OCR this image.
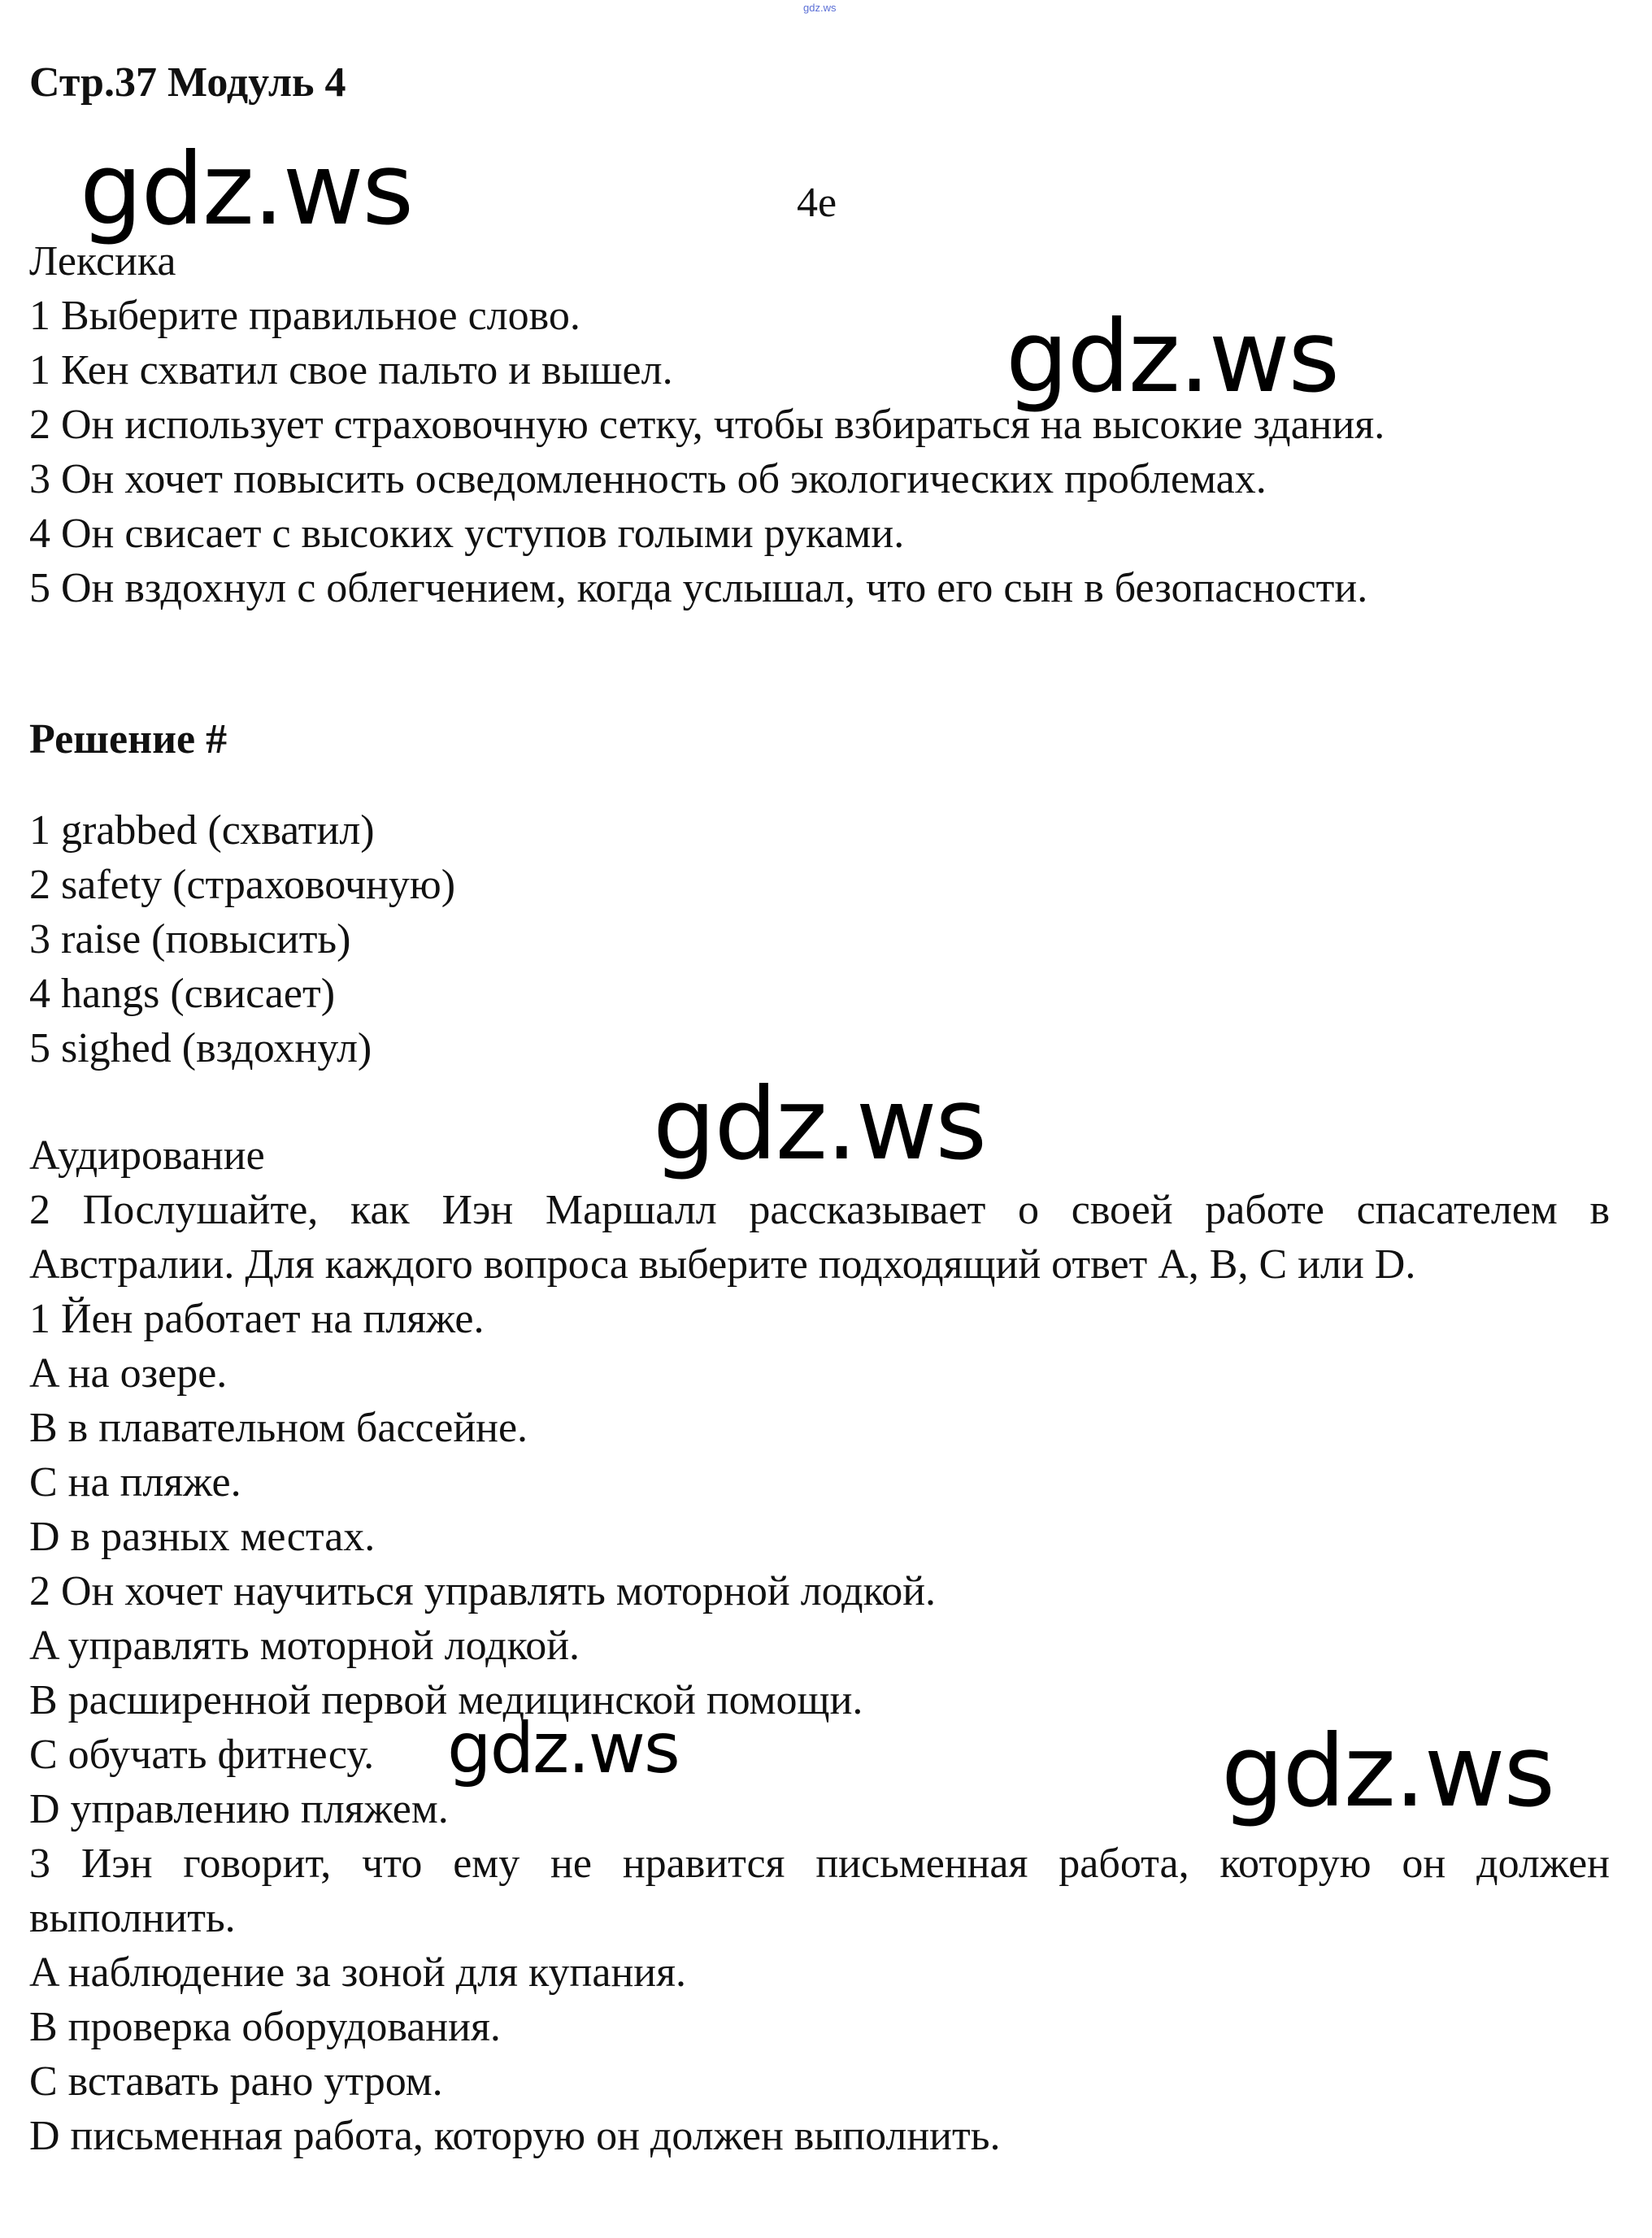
gdz.ws
Стр.37 Модуль 4
4e
gdz.ws
gdz.ws
gdz.ws
gdz.ws	gdz.ws
Лексика
1 Выберите правильное слово.
1 Кен схватил свое пальто и вышел.
2 Он использует страховочную сетку, чтобы взбираться на высокие здания.
3 Он хочет повысить осведомленность об экологических проблемах.
4 Он свисает с высоких уступов голыми руками.
5 Он вздохнул с облегчением, когда услышал, что его сын в безопасности.
Решение #
1 grabbed (схватил)
2 safety (страховочную)
3 raise (повысить)
4 hangs (свисает)
5 sighed (вздохнул)
Аудирование
2 Послушайте, как Иэн Маршалл рассказывает о своей работе спасателем в
Австралии. Для каждого вопроса выберите подходящий ответ A, B, C или D.
1 Йен работает на пляже.
A на озере.
B в плавательном бассейне.
C на пляже.
D в разных местах.
2 Он хочет научиться управлять моторной лодкой.
A управлять моторной лодкой.
B расширенной первой медицинской помощи.
C обучать фитнесу.
D управлению пляжем.
3 Иэн говорит, что ему не нравится письменная работа, которую он должен
выполнить.
A наблюдение за зоной для купания.
B проверка оборудования.
C вставать рано утром.
D письменная работа, которую он должен выполнить.
